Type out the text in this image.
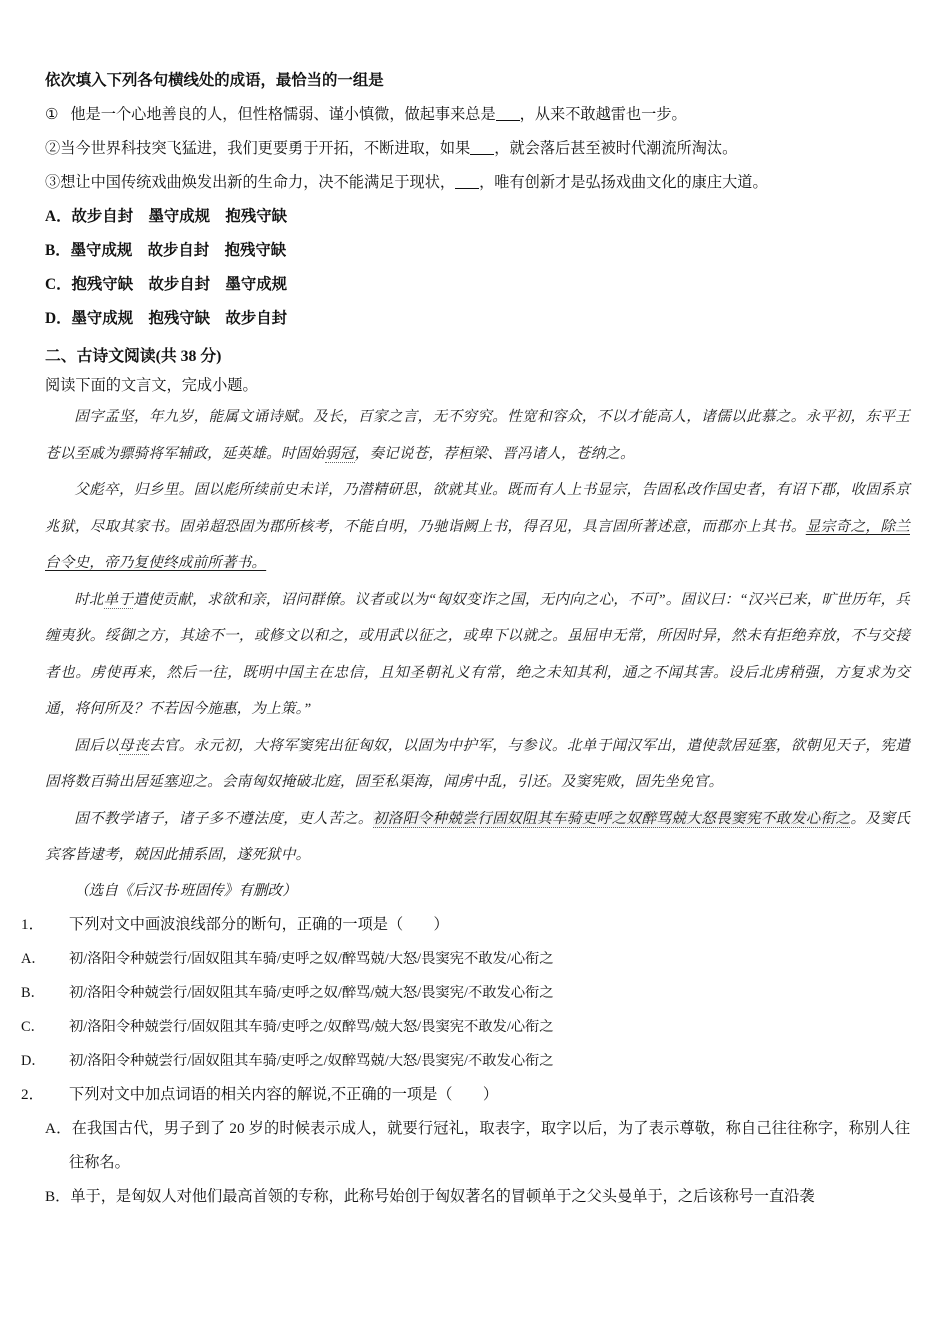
依次填入下列各句横线处的成语，最恰当的一组是
① 他是一个心地善良的人，但性格懦弱、谨小慎微，做起事来总是 ，从来不敢越雷也一步。
②当今世界科技突飞猛进，我们更要勇于开拓，不断进取，如果 ，就会落后甚至被时代潮流所淘汰。
③想让中国传统戏曲焕发出新的生命力，决不能满足于现状， ，唯有创新才是弘扬戏曲文化的康庄大道。
A．故步自封　墨守成规　抱残守缺
B．墨守成规　故步自封　抱残守缺
C．抱残守缺　故步自封　墨守成规
D．墨守成规　抱残守缺　故步自封
二、古诗文阅读(共 38 分)
阅读下面的文言文，完成小题。

固字孟坚，年九岁，能属文诵诗赋。及长，百家之言，无不穷究。性宽和容众，不以才能高人，诸儒以此慕之。永平初，东平王苍以至戚为骠骑将军辅政，延英雄。时固始弱冠，奏记说苍，荐桓梁、晋冯诸人，苍纳之。

父彪卒，归乡里。固以彪所续前史未详，乃潜精研思，欲就其业。既而有人上书显宗，告固私改作国史者，有诏下郡，收固系京兆狱，尽取其家书。固弟超恐固为郡所核考，不能自明，乃驰诣阙上书，得召见，具言固所著述意，而郡亦上其书。显宗奇之，除兰台令史，帝乃复使终成前所著书。

时北单于遣使贡献，求欲和亲，诏问群僚。议者或以为“匈奴变诈之国，无内向之心，不可”。固议曰：“汉兴已来，旷世历年，兵缠夷狄。绥御之方，其途不一，或修文以和之，或用武以征之，或卑下以就之。虽屈申无常，所因时异，然未有拒绝弃放，不与交接者也。虏使再来，然后一往，既明中国主在忠信，且知圣朝礼义有常，绝之未知其利，通之不闻其害。设后北虏稍强，方复求为交通，将何所及？不若因今施惠，为上策。”

固后以母丧去官。永元初，大将军窦宪出征匈奴，以固为中护军，与参议。北单于闻汉军出，遣使款居延塞，欲朝见天子，宪遣固将数百骑出居延塞迎之。会南匈奴掩破北庭，固至私渠海，闻虏中乱，引还。及窦宪败，固先坐免官。

固不教学诸子，诸子多不遵法度，吏人苦之。初洛阳令种兢尝行固奴阻其车骑吏呼之奴醉骂兢大怒畏窦宪不敢发心衔之。及窦氏宾客皆逮考，兢因此捕系固，遂死狱中。

（选自《后汉书·班固传》有删改）
1． 下列对文中画波浪线部分的断句，正确的一项是（　　）
A． 初/洛阳令种兢尝行/固奴阻其车骑/吏呼之奴/醉骂兢/大怒/畏窦宪不敢发/心衔之
B． 初/洛阳令种兢尝行/固奴阻其车骑/吏呼之奴/醉骂/兢大怒/畏窦宪/不敢发心衔之
C． 初/洛阳令种兢尝行/固奴阻其车骑/吏呼之/奴醉骂/兢大怒/畏窦宪不敢发/心衔之
D． 初/洛阳令种兢尝行/固奴阻其车骑/吏呼之/奴醉骂兢/大怒/畏窦宪/不敢发心衔之
2． 下列对文中加点词语的相关内容的解说,不正确的一项是（　　）
A．在我国古代，男子到了 20 岁的时候表示成人，就要行冠礼，取表字，取字以后，为了表示尊敬，称自己往往称字，称别人往往称名。
B．单于，是匈奴人对他们最高首领的专称，此称号始创于匈奴著名的冒顿单于之父头曼单于，之后该称号一直沿袭
